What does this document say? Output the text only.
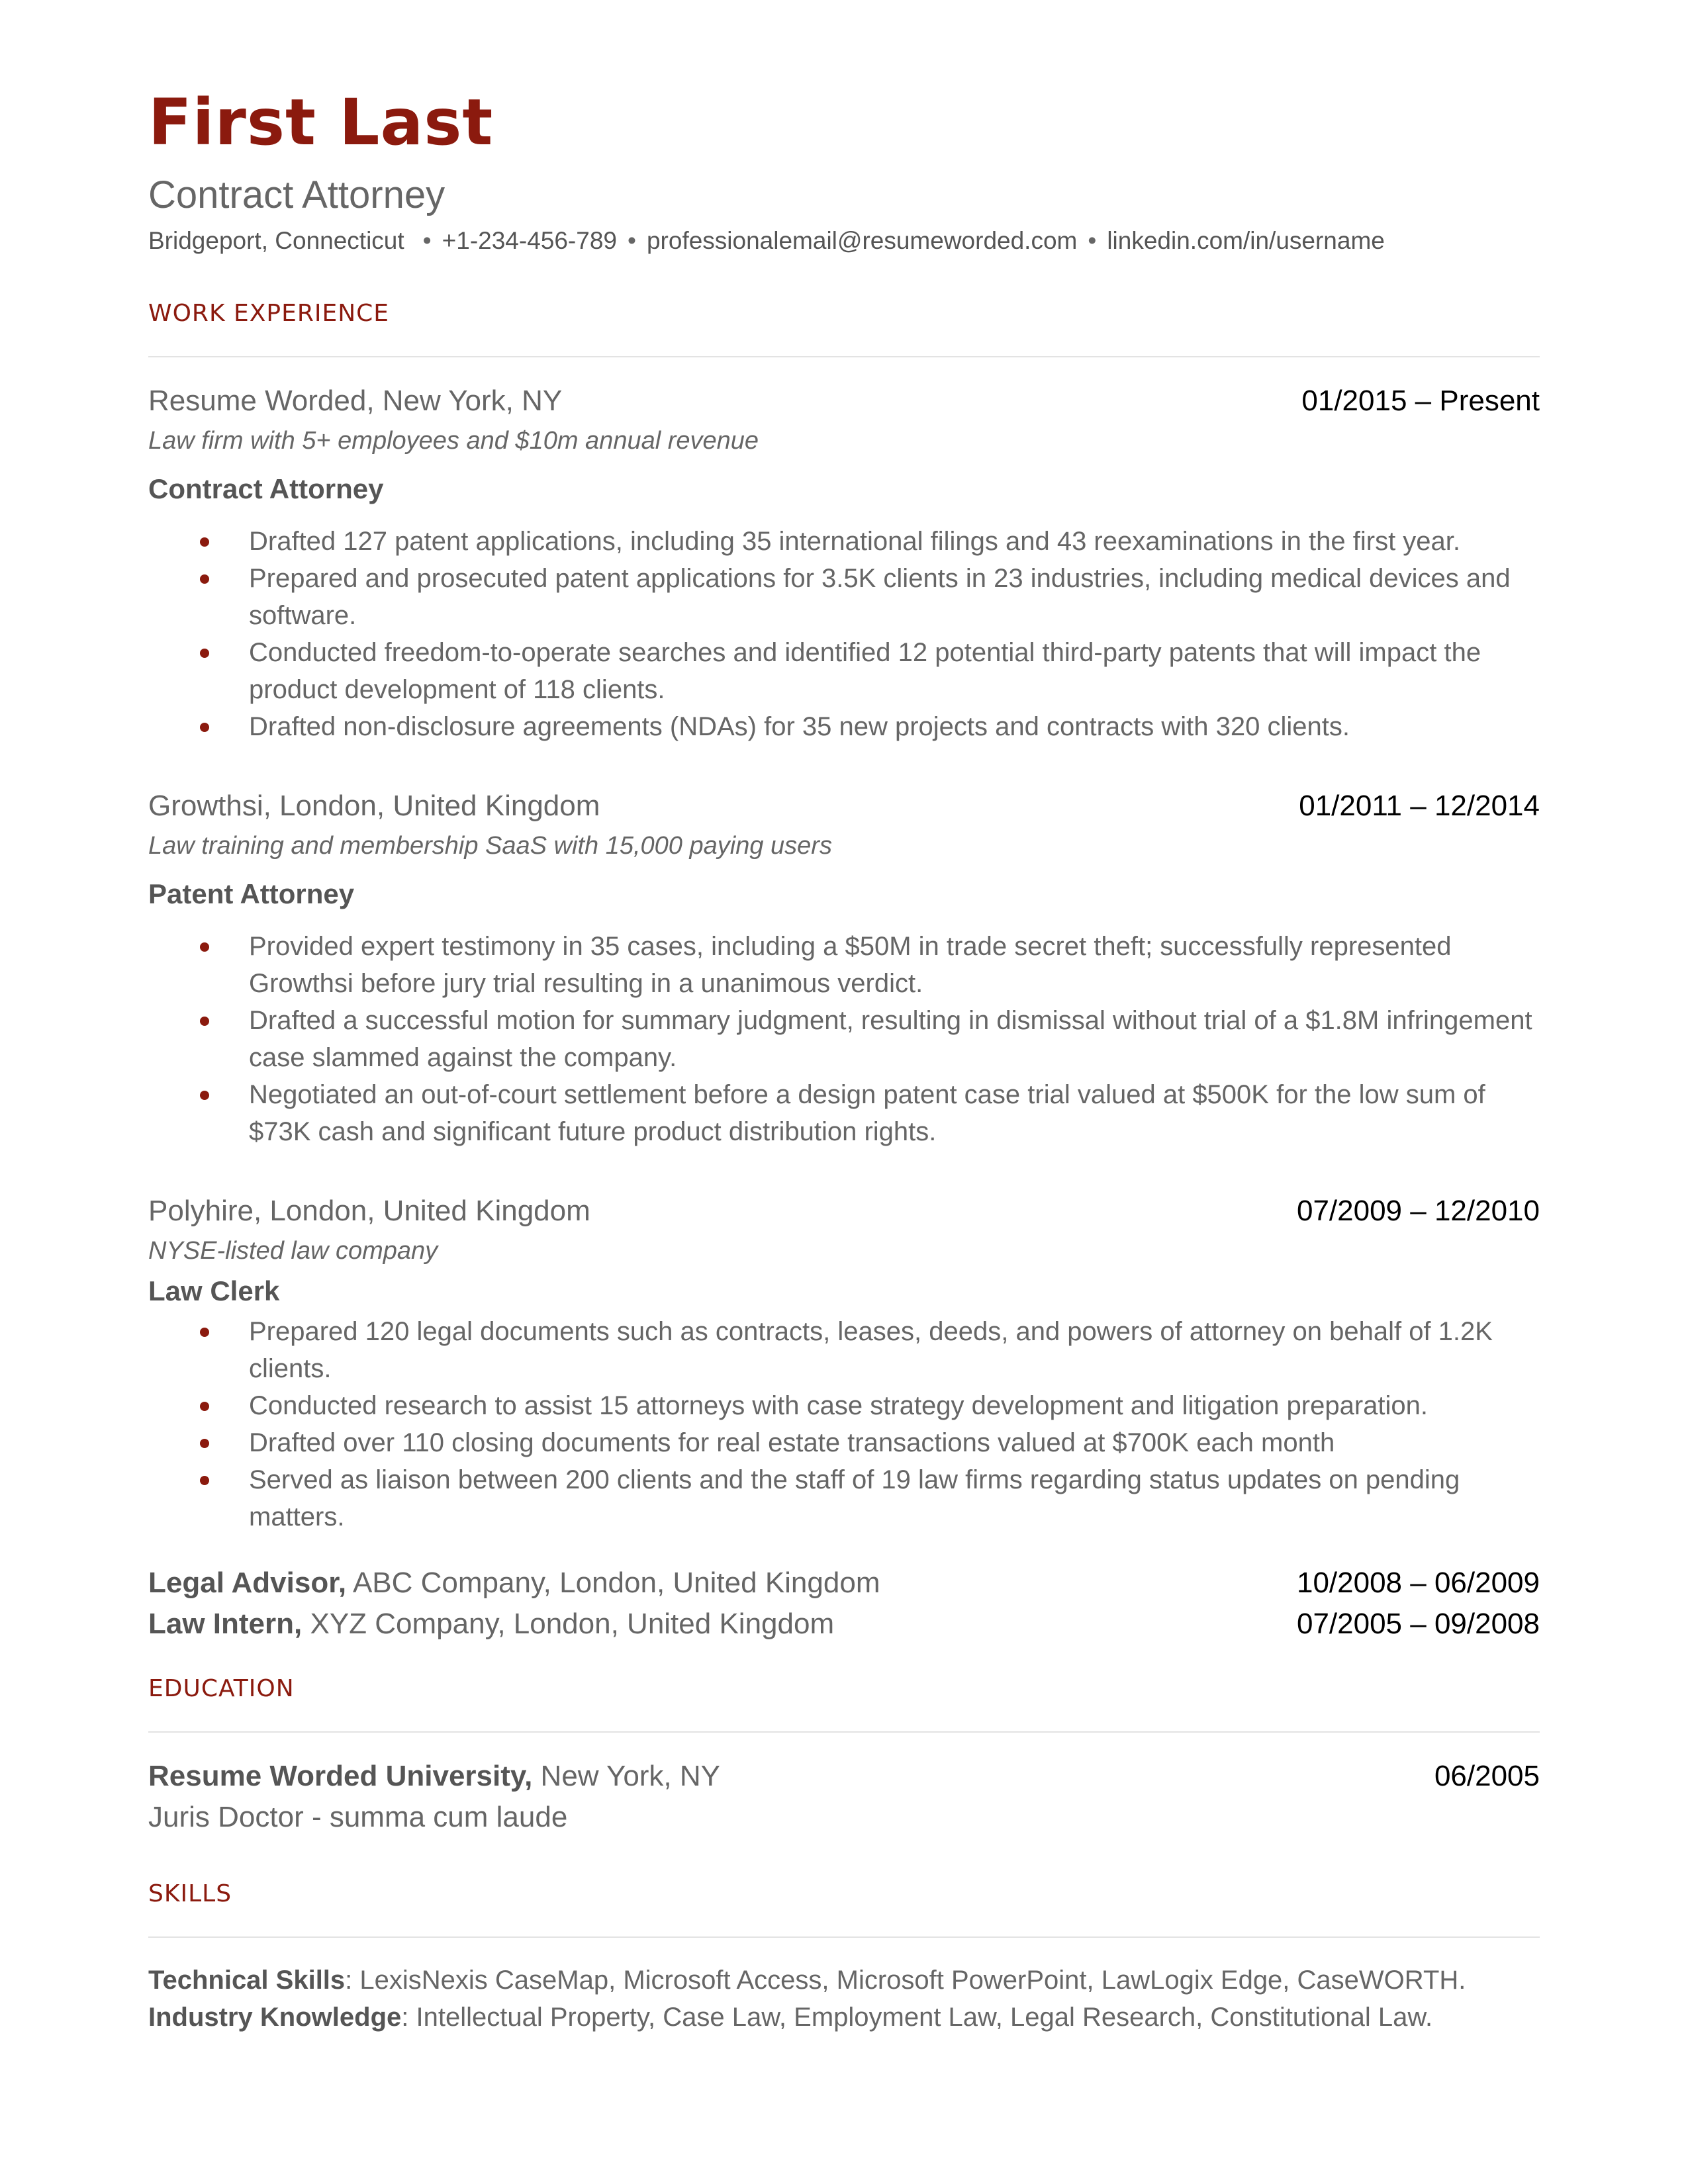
First Last
Contract Attorney
Bridgeport, Connecticut • +1-234-456-789 • professionalemail@resumeworded.com • linkedin.com/in/username
WORK EXPERIENCE
Resume Worded, New York, NY	01/2015 – Present
Law firm with 5+ employees and $10m annual revenue
Contract Attorney
Drafted 127 patent applications, including 35 international filings and 43 reexaminations in the first year.
Prepared and prosecuted patent applications for 3.5K clients in 23 industries, including medical devices and software.
Conducted freedom-to-operate searches and identified 12 potential third-party patents that will impact the product development of 118 clients.
Drafted non-disclosure agreements (NDAs) for 35 new projects and contracts with 320 clients.
Growthsi, London, United Kingdom	01/2011 – 12/2014
Law training and membership SaaS with 15,000 paying users
Patent Attorney
Provided expert testimony in 35 cases, including a $50M in trade secret theft; successfully represented Growthsi before jury trial resulting in a unanimous verdict.
Drafted a successful motion for summary judgment, resulting in dismissal without trial of a $1.8M infringement case slammed against the company.
Negotiated an out-of-court settlement before a design patent case trial valued at $500K for the low sum of $73K cash and significant future product distribution rights.
Polyhire, London, United Kingdom	07/2009 – 12/2010
NYSE-listed law company
Law Clerk
Prepared 120 legal documents such as contracts, leases, deeds, and powers of attorney on behalf of 1.2K clients.
Conducted research to assist 15 attorneys with case strategy development and litigation preparation.
Drafted over 110 closing documents for real estate transactions valued at $700K each month
Served as liaison between 200 clients and the staff of 19 law firms regarding status updates on pending matters.
Legal Advisor, ABC Company, London, United Kingdom	10/2008 – 06/2009
Law Intern, XYZ Company, London, United Kingdom	07/2005 – 09/2008
EDUCATION
Resume Worded University, New York, NY	06/2005
Juris Doctor - summa cum laude
SKILLS
Technical Skills: LexisNexis CaseMap, Microsoft Access, Microsoft PowerPoint, LawLogix Edge, CaseWORTH.
Industry Knowledge: Intellectual Property, Case Law, Employment Law, Legal Research, Constitutional Law.
